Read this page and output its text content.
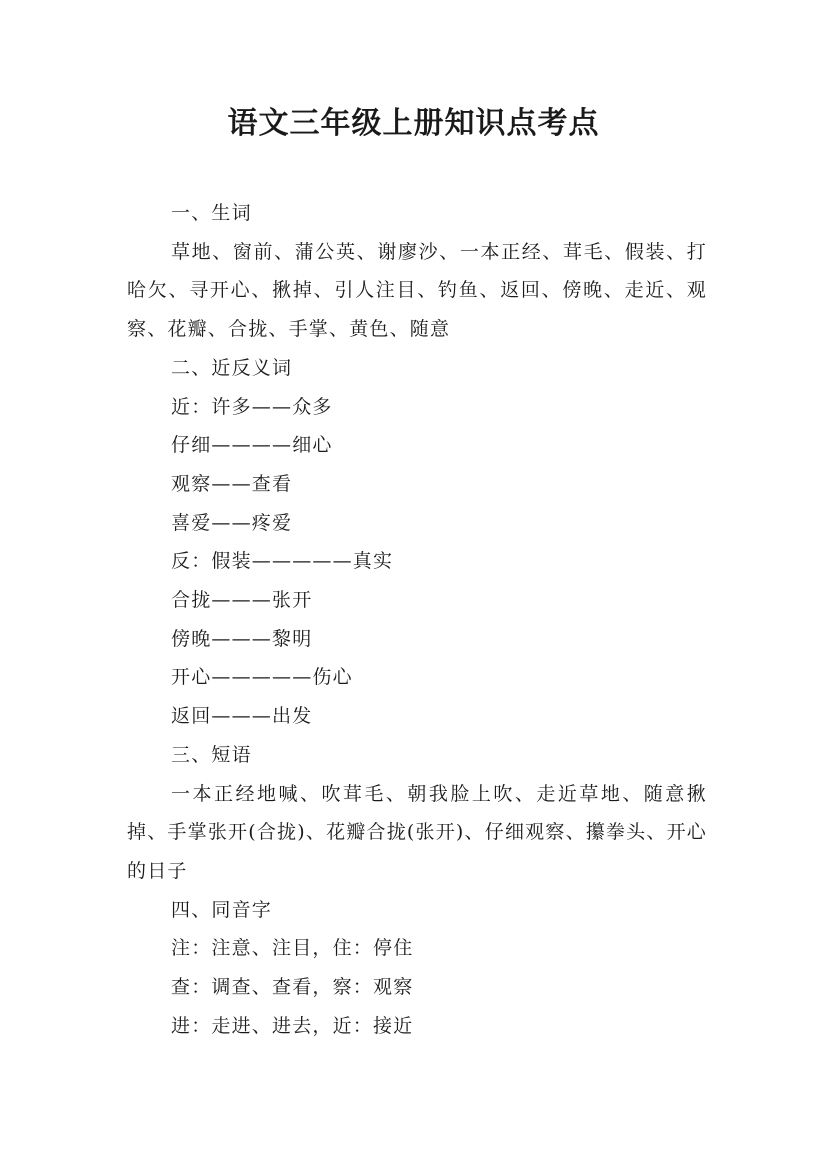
语文三年级上册知识点考点

一、生词

草地、窗前、蒲公英、谢廖沙、一本正经、茸毛、假装、打哈欠、寻开心、揪掉、引人注目、钓鱼、返回、傍晚、走近、观察、花瓣、合拢、手掌、黄色、随意

二、近反义词

近：许多——众多

仔细————细心

观察——查看

喜爱——疼爱

反：假装—————真实

合拢———张开

傍晚———黎明

开心—————伤心

返回———出发

三、短语

一本正经地喊、吹茸毛、朝我脸上吹、走近草地、随意揪掉、手掌张开(合拢)、花瓣合拢(张开)、仔细观察、攥拳头、开心的日子

四、同音字

注：注意、注目，住：停住

查：调查、查看，察：观察

进：走进、进去，近：接近
